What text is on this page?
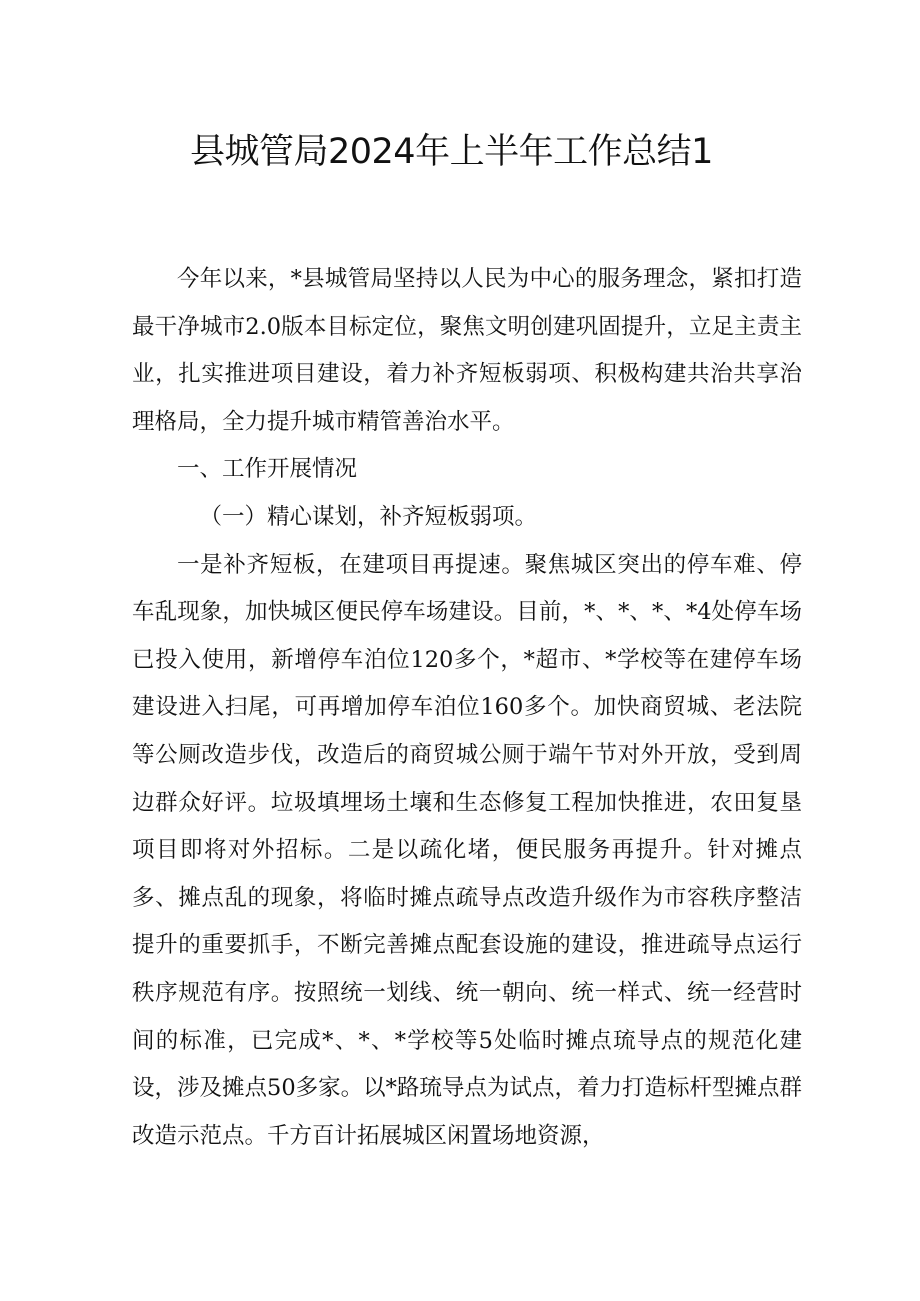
县城管局2024年上半年工作总结1

今年以来，*县城管局坚持以人民为中心的服务理念，紧扣打造最干净城市2.0版本目标定位，聚焦文明创建巩固提升，立足主责主业，扎实推进项目建设，着力补齐短板弱项、积极构建共治共享治理格局，全力提升城市精管善治水平。

一、工作开展情况

（一）精心谋划，补齐短板弱项。

一是补齐短板，在建项目再提速。聚焦城区突出的停车难、停车乱现象，加快城区便民停车场建设。目前，*、*、*、*4处停车场已投入使用，新增停车泊位120多个，*超市、*学校等在建停车场建设进入扫尾，可再增加停车泊位160多个。加快商贸城、老法院等公厕改造步伐，改造后的商贸城公厕于端午节对外开放，受到周边群众好评。垃圾填埋场土壤和生态修复工程加快推进，农田复垦项目即将对外招标。二是以疏化堵，便民服务再提升。针对摊点多、摊点乱的现象，将临时摊点疏导点改造升级作为市容秩序整洁提升的重要抓手，不断完善摊点配套设施的建设，推进疏导点运行秩序规范有序。按照统一划线、统一朝向、统一样式、统一经营时间的标准，已完成*、*、*学校等5处临时摊点琉导点的规范化建设，涉及摊点50多家。以*路琉导点为试点，着力打造标杆型摊点群改造示范点。千方百计拓展城区闲置场地资源，
